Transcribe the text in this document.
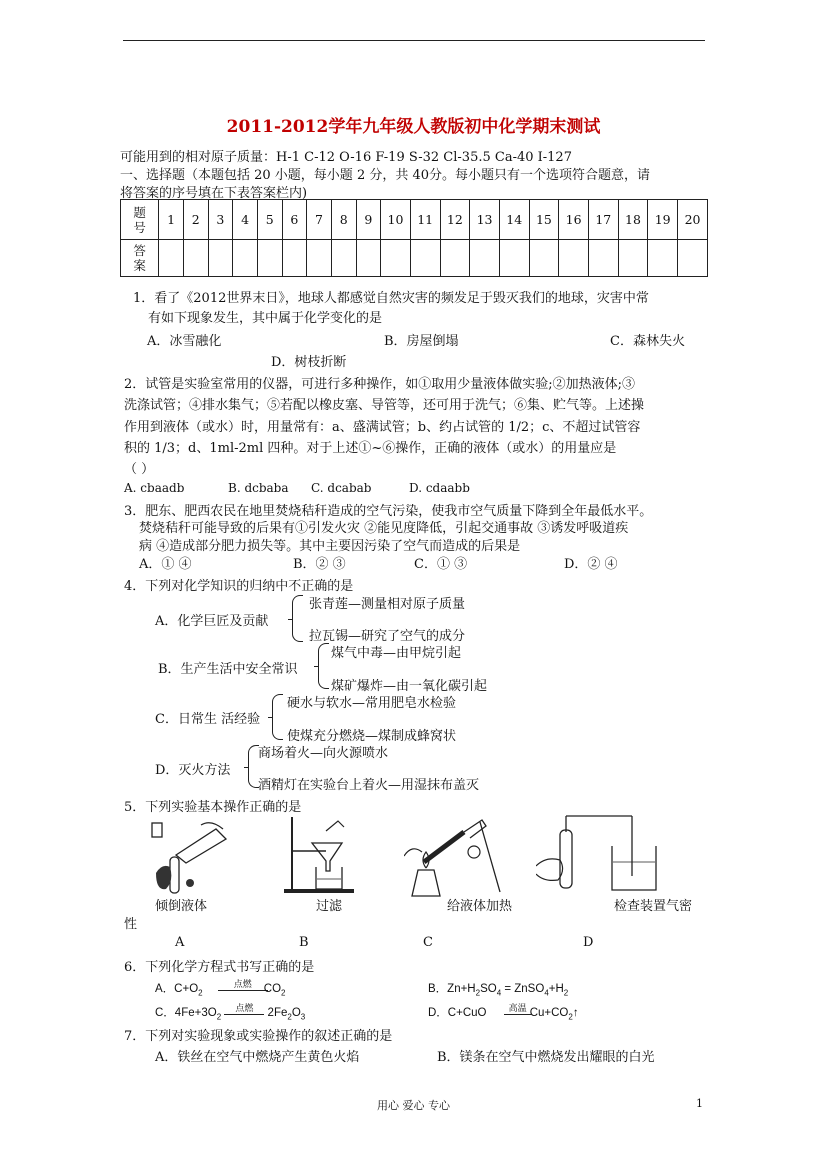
2011-2012学年九年级人教版初中化学期末测试
可能用到的相对原子质量：H-1 C-12 O-16 F-19 S-32 Cl-35.5 Ca-40 I-127
一、选择题（本题包括 20 小题，每小题 2 分，共 40分。每小题只有一个选项符合题意，请
将答案的序号填在下表答案栏内)
题号	1	2	3	4	5	6	7	8	9	10	11	12	13	14	15	16	17	18	19	20
答案																				
1．看了《2012世界末日》，地球人都感觉自然灾害的频发足于毁灭我们的地球，灾害中常
有如下现象发生，其中属于化学变化的是
A．冰雪融化	B．房屋倒塌	C．森林失火
D．树枝折断
2．试管是实验室常用的仪器，可进行多种操作，如①取用少量液体做实验;②加热液体;③
洗涤试管；④排水集气；⑤若配以橡皮塞、导管等，还可用于洗气；⑥集、贮气等。上述操
作用到液体（或水）时，用量常有：a、盛满试管；b、约占试管的 1/2；c、不超过试管容
积的 1/3；d、1ml-2ml 四种。对于上述①~⑥操作，正确的液体（或水）的用量应是
（ ）
A. cbaadb	B. dcbaba C. dcabab	D. cdaabb
3．肥东、肥西农民在地里焚烧秸秆造成的空气污染，使我市空气质量下降到全年最低水平。
焚烧秸秆可能导致的后果有①引发火灾 ②能见度降低，引起交通事故 ③诱发呼吸道疾
病 ④造成部分肥力损失等。其中主要因污染了空气而造成的后果是
A．① ④	B．② ③	C．① ③	D．② ④
4．下列对化学知识的归纳中不正确的是
A．化学巨匠及贡献
张青莲—测量相对原子质量
拉瓦锡—研究了空气的成分
B．生产生活中安全常识
煤气中毒—由甲烷引起
煤矿爆炸—由一氧化碳引起
C．日常生 活经验
硬水与软水—常用肥皂水检验
使煤充分燃烧—煤制成蜂窝状
D．灭火方法
商场着火—向火源喷水
酒精灯在实验台上着火—用湿抹布盖灭
5．下列实验基本操作正确的是
倾倒液体	过滤	给液体加热	检查装置气密
性
A	B	C	D
6．下列化学方程式书写正确的是
A．$C+O_2$ 点燃 $CO_2$	B．$Zn+H_2SO_4$ = $ZnSO_4+H_2$
C．$4Fe+3O_2$ 点燃 $2Fe_2O_3$	D．C+CuO 高温 $Cu+CO_2↑$
7．下列对实验现象或实验操作的叙述正确的是
A．铁丝在空气中燃烧产生黄色火焰	B．镁条在空气中燃烧发出耀眼的白光
用心 爱心 专心	1
